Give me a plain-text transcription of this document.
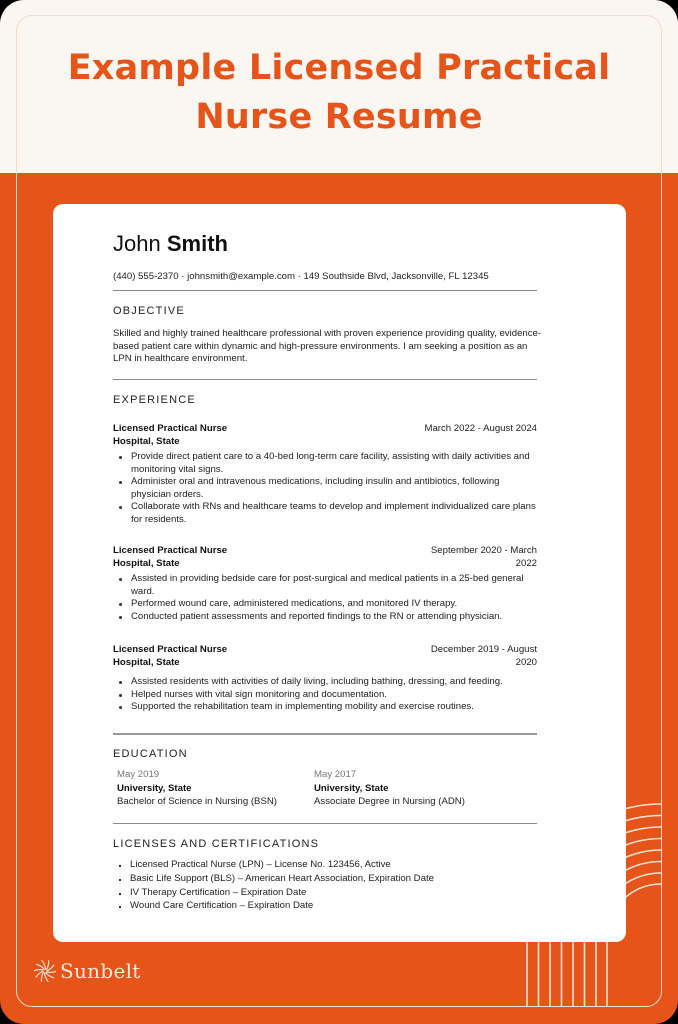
Example Licensed Practical
Nurse Resume
John Smith
(440) 555-2370 · johnsmith@example.com · 149 Southside Blvd, Jacksonville, FL 12345
OBJECTIVE
Skilled and highly trained healthcare professional with proven experience providing quality, evidence-based patient care within dynamic and high-pressure environments. I am seeking a position as an LPN in healthcare environment.
EXPERIENCE
Licensed Practical Nurse
Hospital, State
March 2022 - August 2024
Provide direct patient care to a 40-bed long-term care facility, assisting with daily activities and monitoring vital signs.
Administer oral and intravenous medications, including insulin and antibiotics, following physician orders.
Collaborate with RNs and healthcare teams to develop and implement individualized care plans for residents.
Licensed Practical Nurse
Hospital, State
September 2020 - March 2022
Assisted in providing bedside care for post-surgical and medical patients in a 25-bed general ward.
Performed wound care, administered medications, and monitored IV therapy.
Conducted patient assessments and reported findings to the RN or attending physician.
Licensed Practical Nurse
Hospital, State
December 2019 - August 2020
Assisted residents with activities of daily living, including bathing, dressing, and feeding.
Helped nurses with vital sign monitoring and documentation.
Supported the rehabilitation team in implementing mobility and exercise routines.
EDUCATION
May 2019
University, State
Bachelor of Science in Nursing (BSN)
May 2017
University, State
Associate Degree in Nursing (ADN)
LICENSES AND CERTIFICATIONS
Licensed Practical Nurse (LPN) – License No. 123456, Active
Basic Life Support (BLS) – American Heart Association, Expiration Date
IV Therapy Certification – Expiration Date
Wound Care Certification – Expiration Date
Sunbelt
